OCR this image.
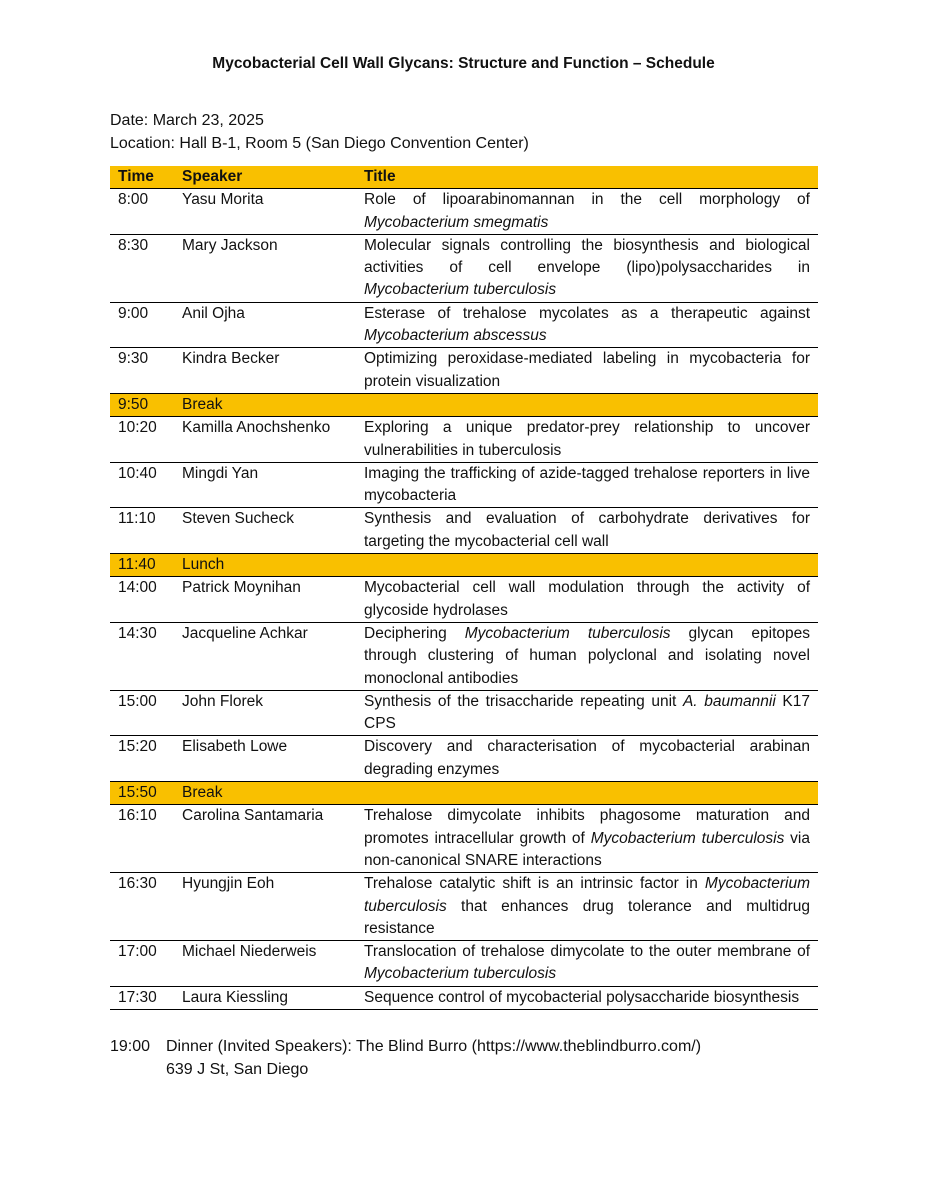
Mycobacterial Cell Wall Glycans: Structure and Function – Schedule
Date: March 23, 2025
Location: Hall B-1, Room 5 (San Diego Convention Center)
Time	Speaker	Title
8:00	Yasu Morita	Role of lipoarabinomannan in the cell morphology of Mycobacterium smegmatis
8:30	Mary Jackson	Molecular signals controlling the biosynthesis and biological activities of cell envelope (lipo)polysaccharides in Mycobacterium tuberculosis
9:00	Anil Ojha	Esterase of trehalose mycolates as a therapeutic against Mycobacterium abscessus
9:30	Kindra Becker	Optimizing peroxidase-mediated labeling in mycobacteria for protein visualization
9:50	Break	
10:20	Kamilla Anochshenko	Exploring a unique predator-prey relationship to uncover vulnerabilities in tuberculosis
10:40	Mingdi Yan	Imaging the trafficking of azide-tagged trehalose reporters in live mycobacteria
11:10	Steven Sucheck	Synthesis and evaluation of carbohydrate derivatives for targeting the mycobacterial cell wall
11:40	Lunch	
14:00	Patrick Moynihan	Mycobacterial cell wall modulation through the activity of glycoside hydrolases
14:30	Jacqueline Achkar	Deciphering Mycobacterium tuberculosis glycan epitopes through clustering of human polyclonal and isolating novel monoclonal antibodies
15:00	John Florek	Synthesis of the trisaccharide repeating unit A. baumannii K17 CPS
15:20	Elisabeth Lowe	Discovery and characterisation of mycobacterial arabinan degrading enzymes
15:50	Break	
16:10	Carolina Santamaria	Trehalose dimycolate inhibits phagosome maturation and promotes intracellular growth of Mycobacterium tuberculosis via non-canonical SNARE interactions
16:30	Hyungjin Eoh	Trehalose catalytic shift is an intrinsic factor in Mycobacterium tuberculosis that enhances drug tolerance and multidrug resistance
17:00	Michael Niederweis	Translocation of trehalose dimycolate to the outer membrane of Mycobacterium tuberculosis
17:30	Laura Kiessling	Sequence control of mycobacterial polysaccharide biosynthesis
19:00 Dinner (Invited Speakers): The Blind Burro (https://www.theblindburro.com/)
639 J St, San Diego
